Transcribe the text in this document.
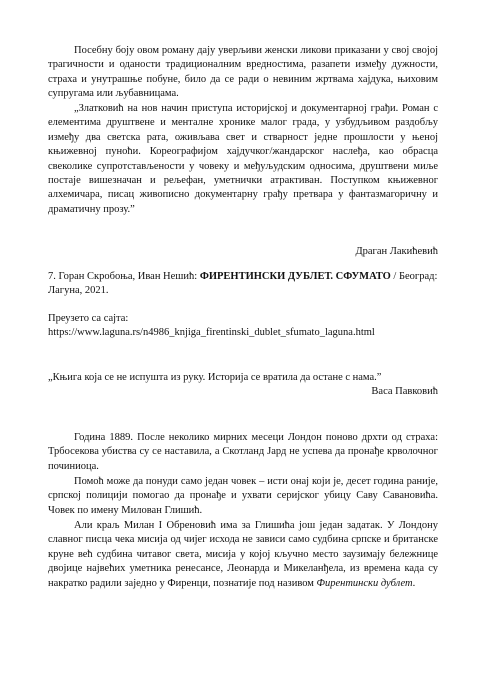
Посебну боју овом роману дају уверљиви женски ликови приказани у свој својој трагичности и оданости традиционалним вредностима, разапети између дужности, страха и унутрашње побуне, било да се ради о невиним жртвама хајдука, њиховим супругама или љубавницама.

„Златковић на нов начин приступа историјској и документарној грађи. Роман с елементима друштвене и менталне хронике малог града, у узбудљивом раздобљу између два светска рата, оживљава свет и стварност једне прошлости у њеној књижевној пуноћи. Кореографијом хајдучког/жандарског наслеђа, као обрасца свеколике супротстављености у човеку и међуљудским односима, друштвени миље постаје вишезначан и рељефан, уметнички атрактиван. Поступком књижевног алхемичара, писац живописно документарну грађу претвара у фантазмагоричну и драматичну прозу.”

Драган Лакићевић

7. Горан Скробоња, Иван Нешић: ФИРЕНТИНСКИ ДУБЛЕТ. СФУМАТО / Београд: Лагуна, 2021.

Преузето са сајта:
https://www.laguna.rs/n4986_knjiga_firentinski_dublet_sfumato_laguna.html

„Књига која се не испушта из руку. Историја се вратила да остане с нама.”

Васа Павковић

Година 1889. После неколико мирних месеци Лондон поново дрхти од страха: Трбосекова убиства су се наставила, а Скотланд Јард не успева да пронађе крволочног починиоца.

Помоћ може да понуди само један човек – исти онај који је, десет година раније, српској полицији помогао да пронађе и ухвати серијског убицу Саву Савановића. Човек по имену Милован Глишић.

Али краљ Милан I Обреновић има за Глишића још један задатак. У Лондону славног писца чека мисија од чијег исхода не зависи само судбина српске и британске круне већ судбина читавог света, мисија у којој кључно место заузимају бележнице двојице највећих уметника ренесансе, Леонарда и Микеланђела, из времена када су накратко радили заједно у Фиренци, познатије под називом Фирентински дублет.
